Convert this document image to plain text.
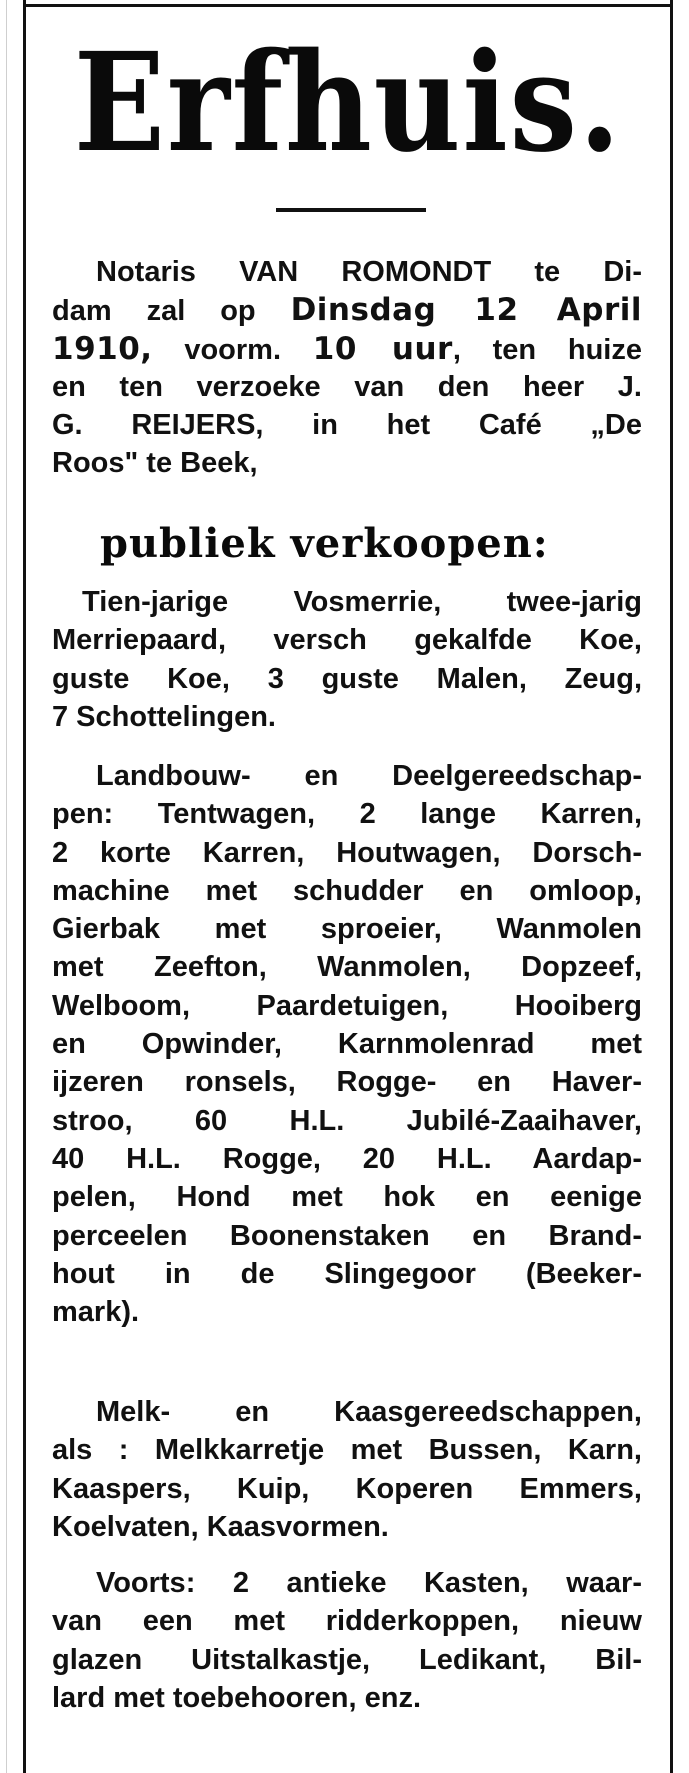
Erfhuis.
Notaris VAN ROMONDT te Di-
dam zal op Dinsdag 12 April
1910, voorm. 10 uur, ten huize
en ten verzoeke van den heer J.
G. REIJERS, in het Café „De
Roos" te Beek,
publiek verkoopen:
Tien-jarige Vosmerrie, twee-jarig
Merriepaard, versch gekalfde Koe,
guste Koe, 3 guste Malen, Zeug,
7 Schottelingen.
Landbouw- en Deelgereedschap-
pen: Tentwagen, 2 lange Karren,
2 korte Karren, Houtwagen, Dorsch-
machine met schudder en omloop,
Gierbak met sproeier, Wanmolen
met Zeefton, Wanmolen, Dopzeef,
Welboom, Paardetuigen, Hooiberg
en Opwinder, Karnmolenrad met
ijzeren ronsels, Rogge- en Haver-
stroo, 60 H.L. Jubilé-Zaaihaver,
40 H.L. Rogge, 20 H.L. Aardap-
pelen, Hond met hok en eenige
perceelen Boonenstaken en Brand-
hout in de Slingegoor (Beeker-
mark).
Melk- en Kaasgereedschappen,
als : Melkkarretje met Bussen, Karn,
Kaaspers, Kuip, Koperen Emmers,
Koelvaten, Kaasvormen.
Voorts: 2 antieke Kasten, waar-
van een met ridderkoppen, nieuw
glazen Uitstalkastje, Ledikant, Bil-
lard met toebehooren, enz.
